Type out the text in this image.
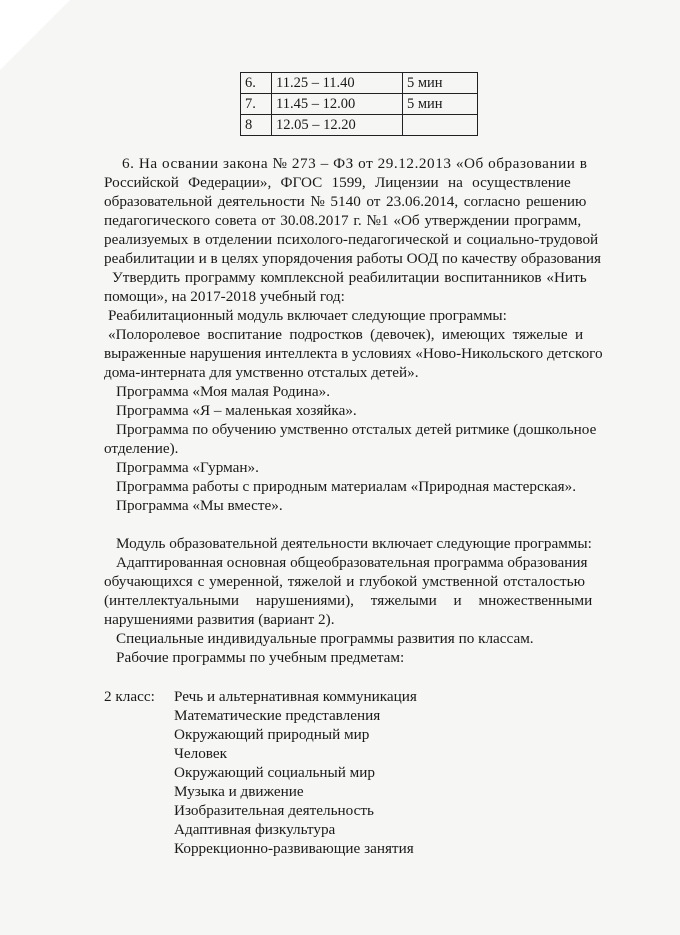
6.	11.25 – 11.40	5 мин
7.	11.45 – 12.00	5 мин
8	12.05 – 12.20	
6. На освании закона № 273 – ФЗ от 29.12.2013 «Об образовании в
Российской Федерации», ФГОС 1599, Лицензии на осуществление
образовательной деятельности № 5140 от 23.06.2014, согласно решению
педагогического совета от 30.08.2017 г. №1 «Об утверждении программ,
реализуемых в отделении психолого-педагогической и социально-трудовой
реабилитации и в целях упорядочения работы ООД по качеству образования
Утвердить программу комплексной реабилитации воспитанников «Нить
помощи», на 2017-2018 учебный год:
Реабилитационный модуль включает следующие программы:
«Полоролевое воспитание подростков (девочек), имеющих тяжелые и
выраженные нарушения интеллекта в условиях «Ново-Никольского детского
дома-интерната для умственно отсталых детей».
Программа «Моя малая Родина».
Программа «Я – маленькая хозяйка».
Программа по обучению умственно отсталых детей ритмике (дошкольное
отделение).
Программа «Гурман».
Программа работы с природным материалам «Природная мастерская».
Программа «Мы вместе».
Модуль образовательной деятельности включает следующие программы:
Адаптированная основная общеобразовательная программа образования
обучающихся с умеренной, тяжелой и глубокой умственной отсталостью
(интеллектуальными нарушениями), тяжелыми и множественными
нарушениями развития (вариант 2).
Специальные индивидуальные программы развития по классам.
Рабочие программы по учебным предметам:
2 класс: Речь и альтернативная коммуникация
Математические представления
Окружающий природный мир
Человек
Окружающий социальный мир
Музыка и движение
Изобразительная деятельность
Адаптивная физкультура
Коррекционно-развивающие занятия
